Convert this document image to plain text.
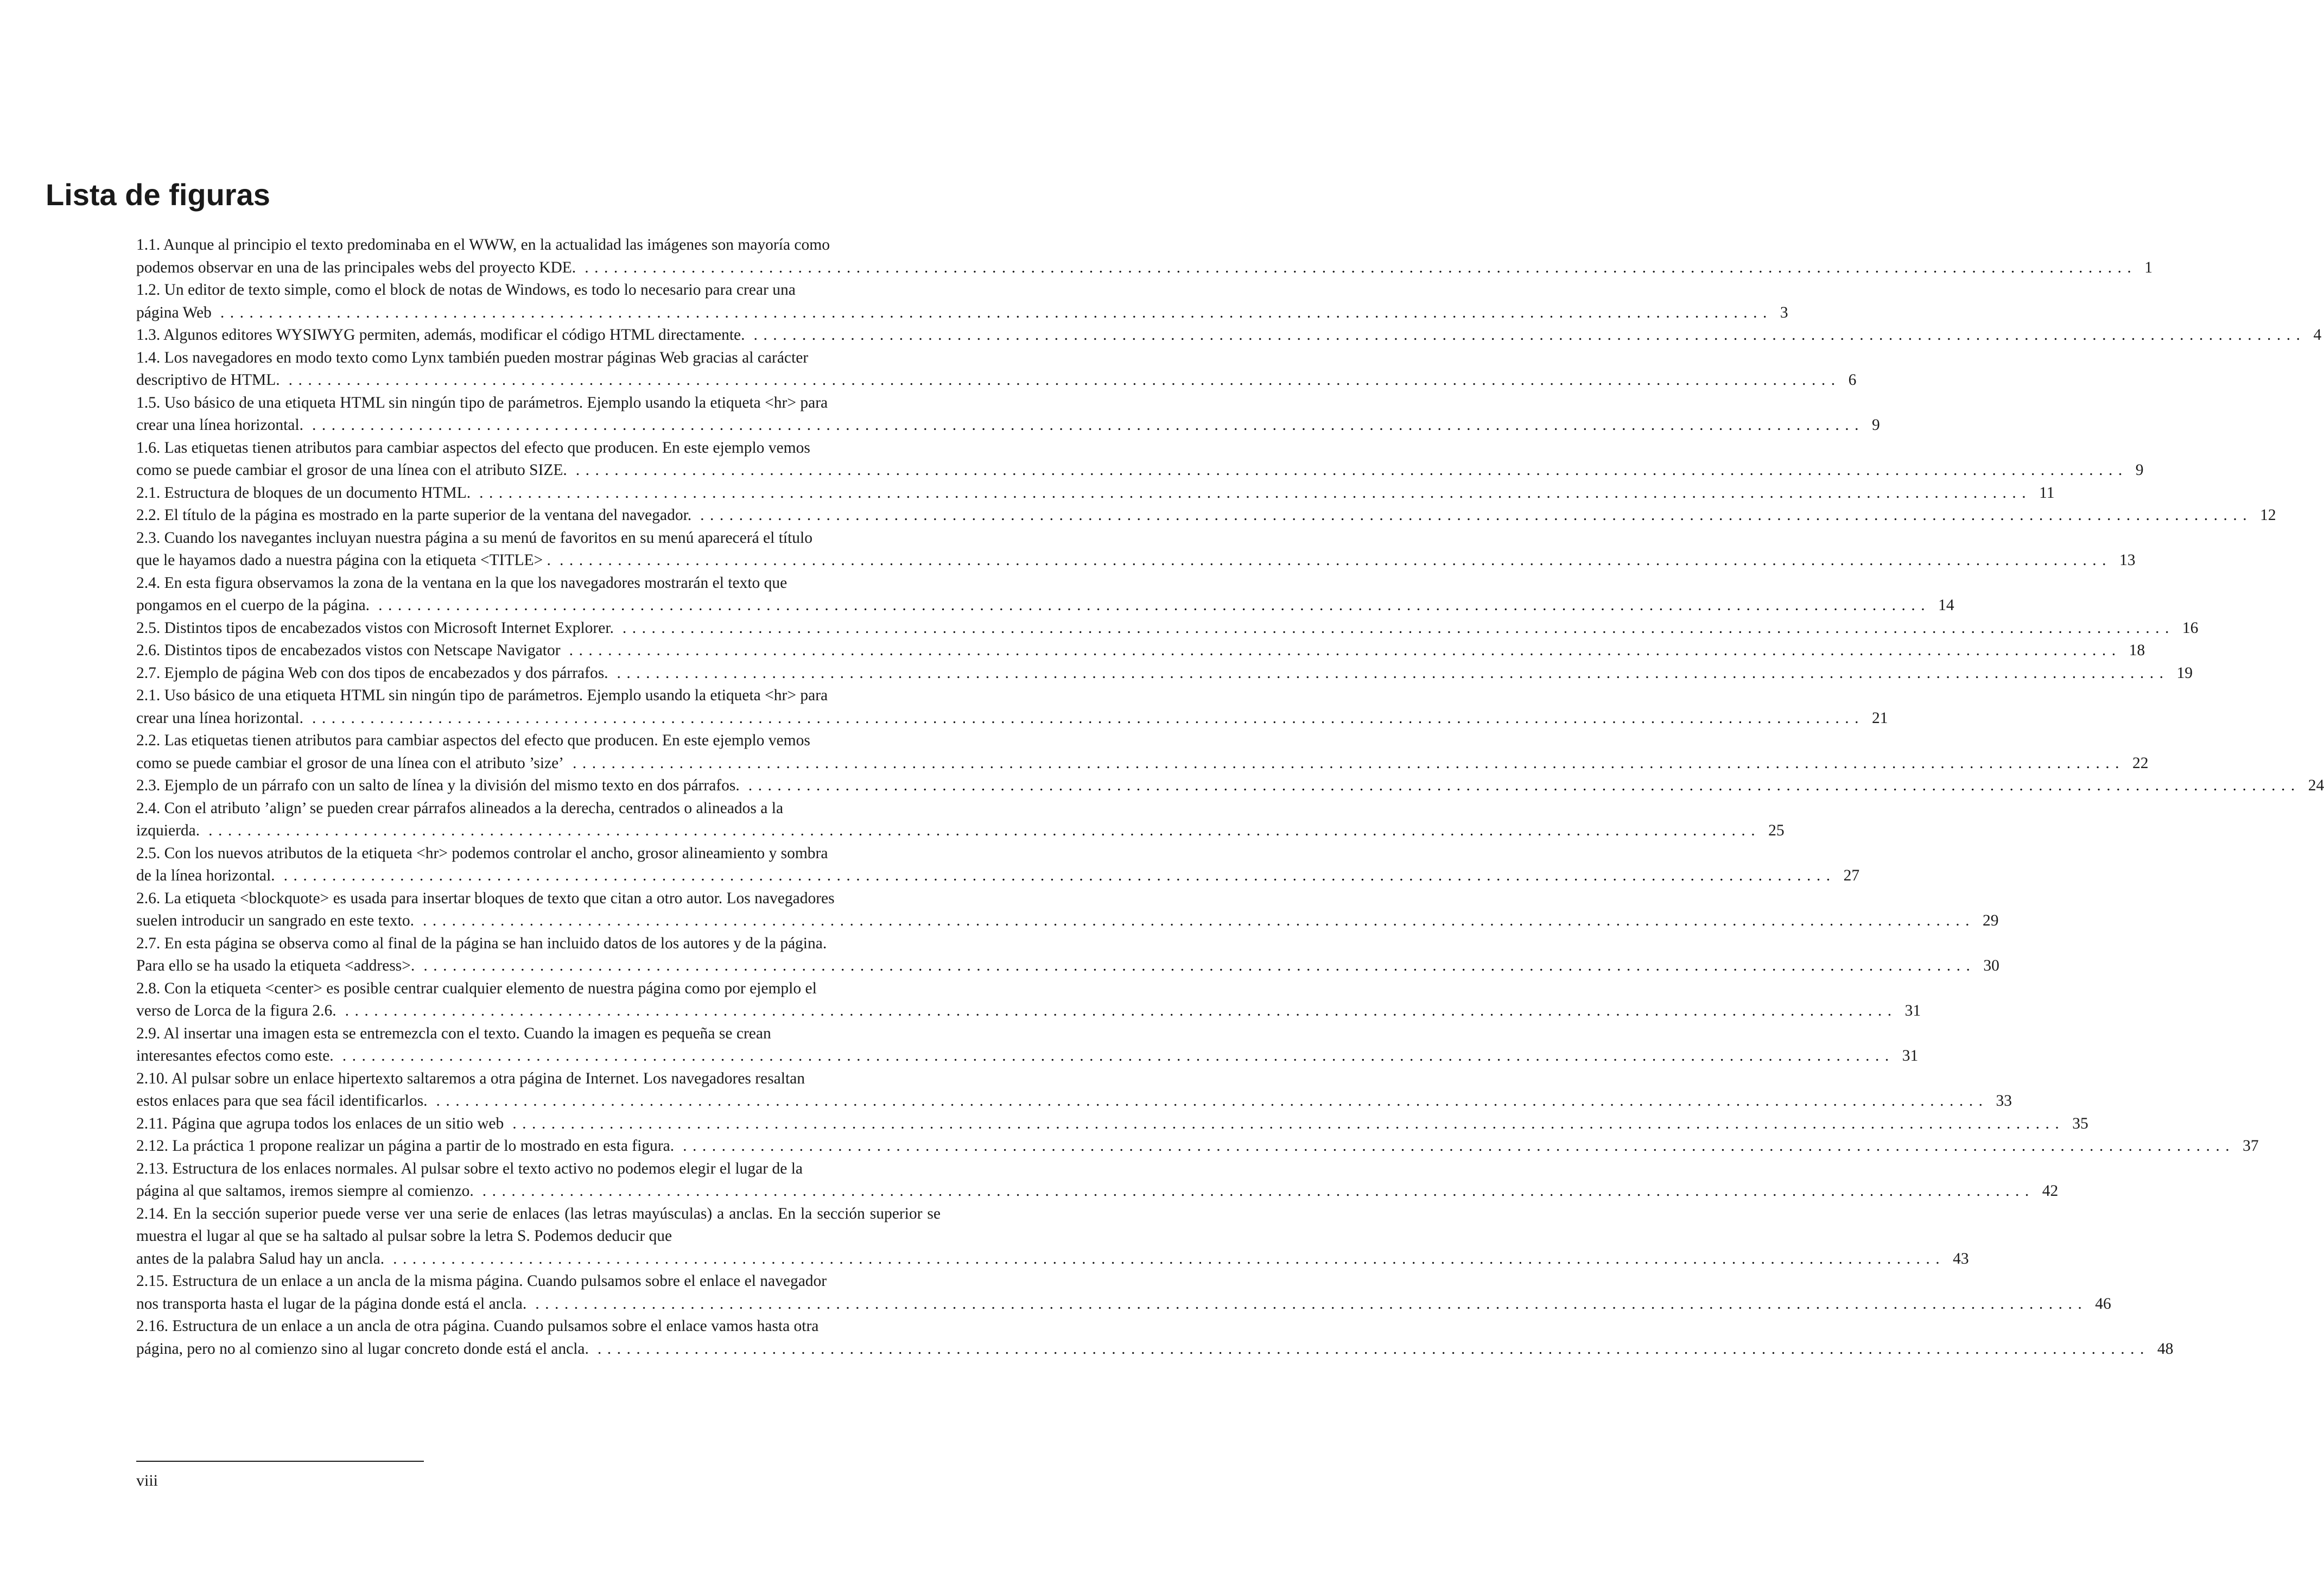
Lista de figuras
1.1. Aunque al principio el texto predominaba en el WWW, en la actualidad las imágenes son mayoría como
podemos observar en una de las principales webs del proyecto KDE. ................................................................................................................................................................ 1
1.2. Un editor de texto simple, como el block de notas de Windows, es todo lo necesario para crear una
página Web ................................................................................................................................................................ 3
1.3. Algunos editores WYSIWYG permiten, además, modificar el código HTML directamente. ................................................................................................................................................................ 4
1.4. Los navegadores en modo texto como Lynx también pueden mostrar páginas Web gracias al carácter
descriptivo de HTML. ................................................................................................................................................................ 6
1.5. Uso básico de una etiqueta HTML sin ningún tipo de parámetros. Ejemplo usando la etiqueta <hr> para
crear una línea horizontal. ................................................................................................................................................................ 9
1.6. Las etiquetas tienen atributos para cambiar aspectos del efecto que producen. En este ejemplo vemos
como se puede cambiar el grosor de una línea con el atributo SIZE. ................................................................................................................................................................ 9
2.1. Estructura de bloques de un documento HTML. ................................................................................................................................................................ 11
2.2. El título de la página es mostrado en la parte superior de la ventana del navegador. ................................................................................................................................................................ 12
2.3. Cuando los navegantes incluyan nuestra página a su menú de favoritos en su menú aparecerá el título
que le hayamos dado a nuestra página con la etiqueta <TITLE> . ................................................................................................................................................................ 13
2.4. En esta figura observamos la zona de la ventana en la que los navegadores mostrarán el texto que
pongamos en el cuerpo de la página. ................................................................................................................................................................ 14
2.5. Distintos tipos de encabezados vistos con Microsoft Internet Explorer. ................................................................................................................................................................ 16
2.6. Distintos tipos de encabezados vistos con Netscape Navigator ................................................................................................................................................................ 18
2.7. Ejemplo de página Web con dos tipos de encabezados y dos párrafos. ................................................................................................................................................................ 19
2.1. Uso básico de una etiqueta HTML sin ningún tipo de parámetros. Ejemplo usando la etiqueta <hr> para
crear una línea horizontal. ................................................................................................................................................................ 21
2.2. Las etiquetas tienen atributos para cambiar aspectos del efecto que producen. En este ejemplo vemos
como se puede cambiar el grosor de una línea con el atributo ’size’ ................................................................................................................................................................ 22
2.3. Ejemplo de un párrafo con un salto de línea y la división del mismo texto en dos párrafos. ................................................................................................................................................................ 24
2.4. Con el atributo ’align’ se pueden crear párrafos alineados a la derecha, centrados o alineados a la
izquierda. ................................................................................................................................................................ 25
2.5. Con los nuevos atributos de la etiqueta <hr> podemos controlar el ancho, grosor alineamiento y sombra
de la línea horizontal. ................................................................................................................................................................ 27
2.6. La etiqueta <blockquote> es usada para insertar bloques de texto que citan a otro autor. Los navegadores
suelen introducir un sangrado en este texto. ................................................................................................................................................................ 29
2.7. En esta página se observa como al final de la página se han incluido datos de los autores y de la página.
Para ello se ha usado la etiqueta <address>. ................................................................................................................................................................ 30
2.8. Con la etiqueta <center> es posible centrar cualquier elemento de nuestra página como por ejemplo el
verso de Lorca de la figura 2.6. ................................................................................................................................................................ 31
2.9. Al insertar una imagen esta se entremezcla con el texto. Cuando la imagen es pequeña se crean
interesantes efectos como este. ................................................................................................................................................................ 31
2.10. Al pulsar sobre un enlace hipertexto saltaremos a otra página de Internet. Los navegadores resaltan
estos enlaces para que sea fácil identificarlos. ................................................................................................................................................................ 33
2.11. Página que agrupa todos los enlaces de un sitio web ................................................................................................................................................................ 35
2.12. La práctica 1 propone realizar un página a partir de lo mostrado en esta figura. ................................................................................................................................................................ 37
2.13. Estructura de los enlaces normales. Al pulsar sobre el texto activo no podemos elegir el lugar de la
página al que saltamos, iremos siempre al comienzo. ................................................................................................................................................................ 42
2.14. En la sección superior puede verse ver una serie de enlaces (las letras mayúsculas) a anclas. En la sección superior se muestra el lugar al que se ha saltado al pulsar sobre la letra S. Podemos deducir que
antes de la palabra Salud hay un ancla. ................................................................................................................................................................ 43
2.15. Estructura de un enlace a un ancla de la misma página. Cuando pulsamos sobre el enlace el navegador
nos transporta hasta el lugar de la página donde está el ancla. ................................................................................................................................................................ 46
2.16. Estructura de un enlace a un ancla de otra página. Cuando pulsamos sobre el enlace vamos hasta otra
página, pero no al comienzo sino al lugar concreto donde está el ancla. ................................................................................................................................................................ 48
viii
